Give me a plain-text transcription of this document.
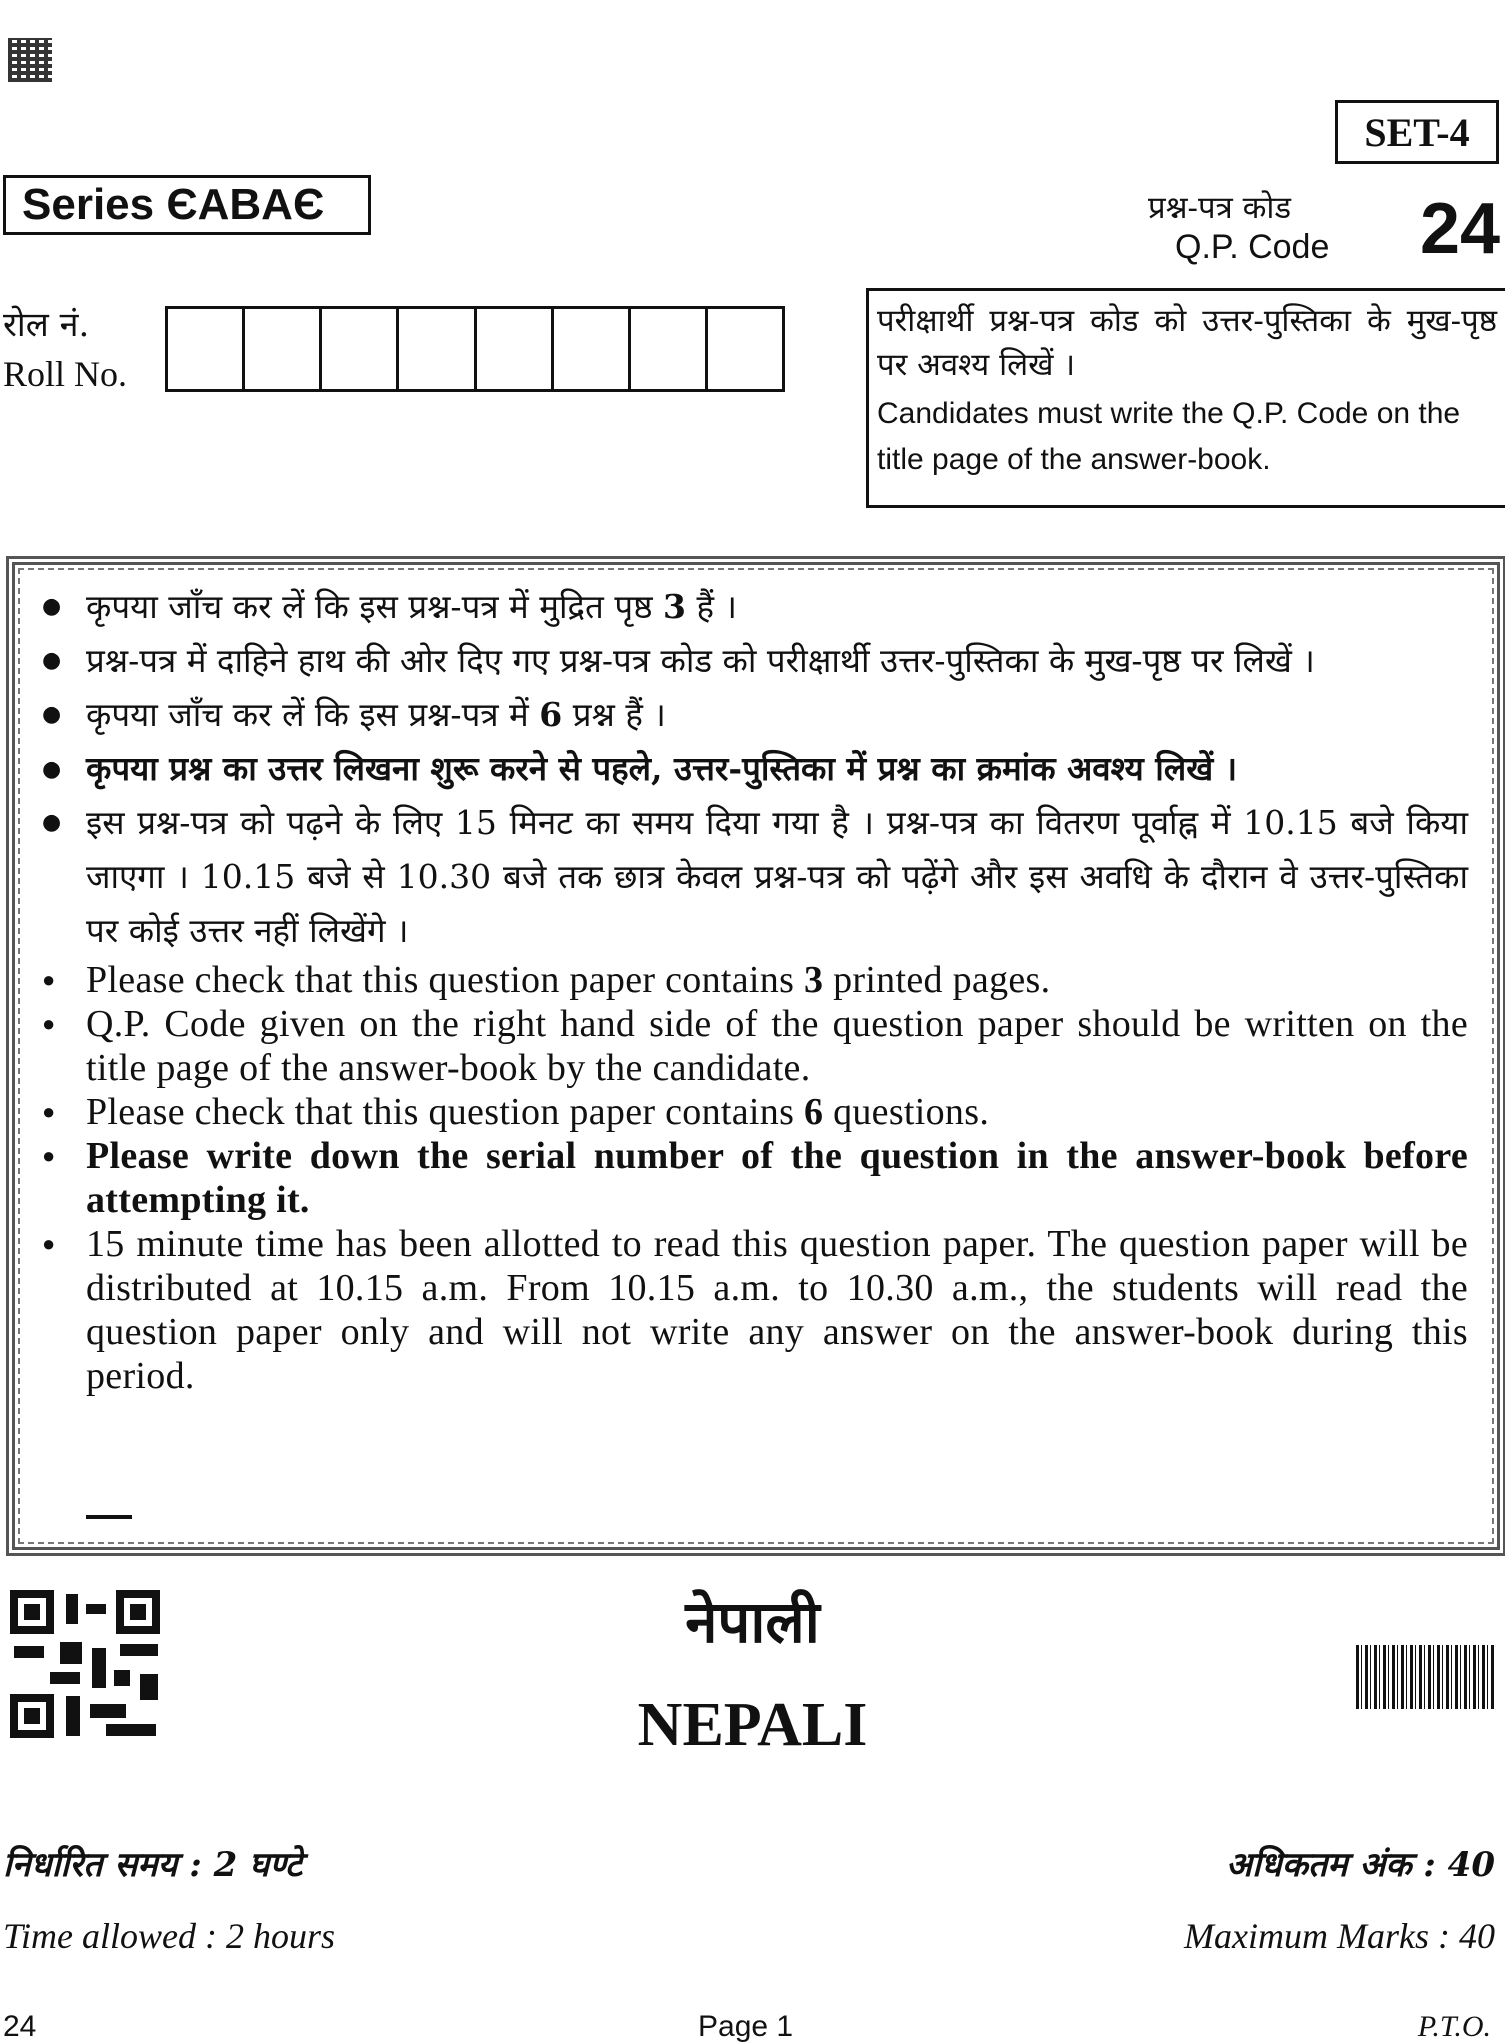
SET-4
Series ЄABAЄ	प्रश्न-पत्र कोड
Q.P. Code 24
रोल नं.
Roll No.
परीक्षार्थी प्रश्न-पत्र कोड को उत्तर-पुस्तिका के मुख-पृष्ठ पर अवश्य लिखें ।
Candidates must write the Q.P. Code on the title page of the answer-book.
● कृपया जाँच कर लें कि इस प्रश्न-पत्र में मुद्रित पृष्ठ 3 हैं ।
● प्रश्न-पत्र में दाहिने हाथ की ओर दिए गए प्रश्न-पत्र कोड को परीक्षार्थी उत्तर-पुस्तिका के मुख-पृष्ठ पर लिखें ।
● कृपया जाँच कर लें कि इस प्रश्न-पत्र में 6 प्रश्न हैं ।
● कृपया प्रश्न का उत्तर लिखना शुरू करने से पहले, उत्तर-पुस्तिका में प्रश्न का क्रमांक अवश्य लिखें ।
● इस प्रश्न-पत्र को पढ़ने के लिए 15 मिनट का समय दिया गया है । प्रश्न-पत्र का वितरण पूर्वाह्न में 10.15 बजे किया जाएगा । 10.15 बजे से 10.30 बजे तक छात्र केवल प्रश्न-पत्र को पढ़ेंगे और इस अवधि के दौरान वे उत्तर-पुस्तिका पर कोई उत्तर नहीं लिखेंगे ।
● Please check that this question paper contains 3 printed pages.
● Q.P. Code given on the right hand side of the question paper should be written on the title page of the answer-book by the candidate.
● Please check that this question paper contains 6 questions.
● Please write down the serial number of the question in the answer-book before attempting it.
● 15 minute time has been allotted to read this question paper. The question paper will be distributed at 10.15 a.m. From 10.15 a.m. to 10.30 a.m., the students will read the question paper only and will not write any answer on the answer-book during this period.
नेपाली
NEPALI
निर्धारित समय : 2 घण्टे	अधिकतम अंक : 40
Time allowed : 2 hours	Maximum Marks : 40
24	Page 1	P.T.O.
